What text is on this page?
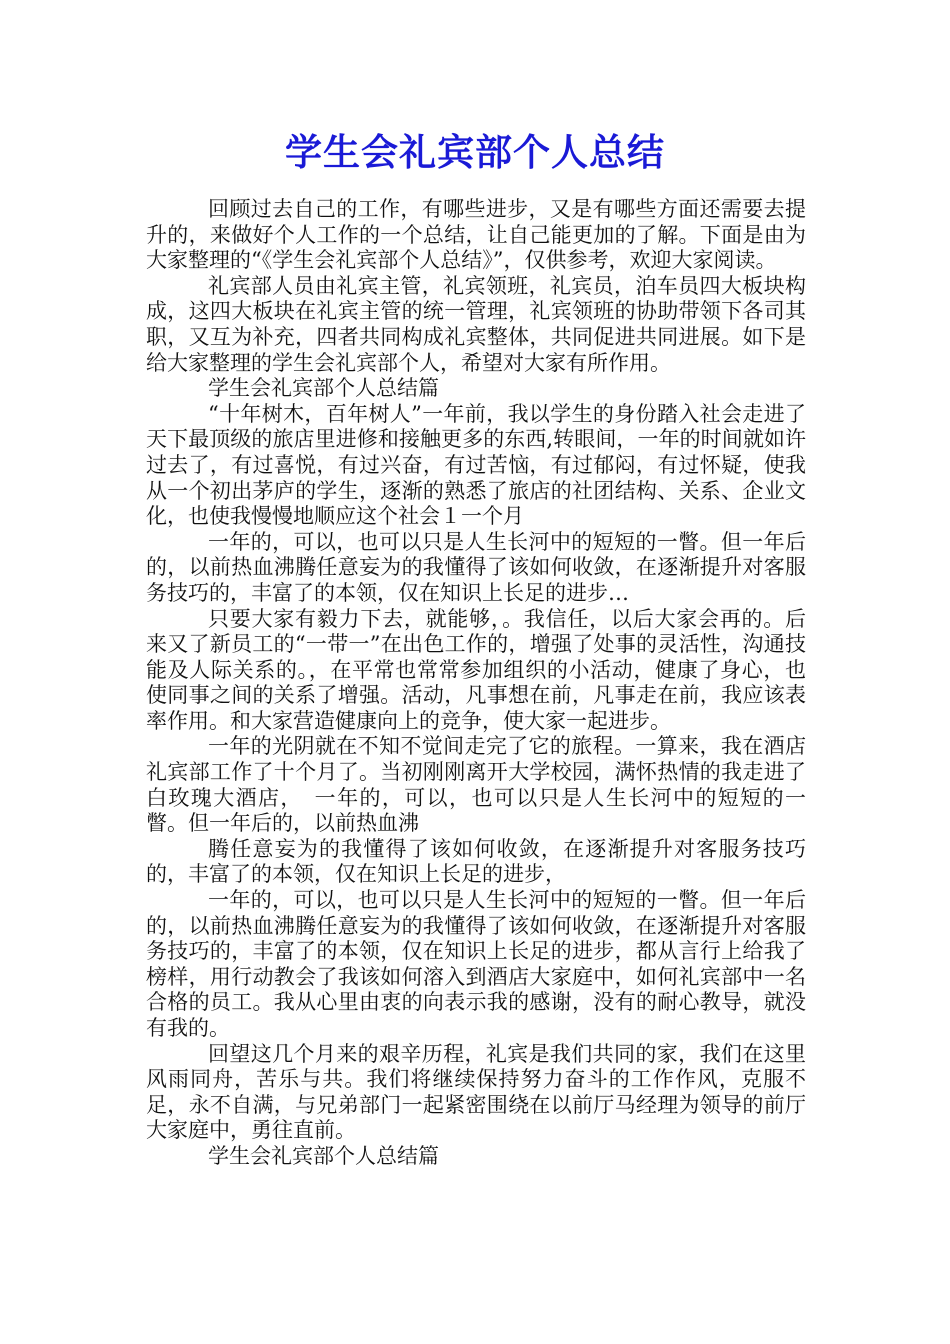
学生会礼宾部个人总结

回顾过去自己的工作，有哪些进步，又是有哪些方面还需要去提升的，来做好个人工作的一个总结，让自己能更加的了解。下面是由为大家整理的“《学生会礼宾部个人总结》”，仅供参考，欢迎大家阅读。

礼宾部人员由礼宾主管，礼宾领班，礼宾员，泊车员四大板块构成，这四大板块在礼宾主管的统一管理，礼宾领班的协助带领下各司其职，又互为补充，四者共同构成礼宾整体，共同促进共同进展。如下是给大家整理的学生会礼宾部个人，希望对大家有所作用。

学生会礼宾部个人总结篇

“十年树木，百年树人”一年前，我以学生的身份踏入社会走进了天下最顶级的旅店里进修和接触更多的东西,转眼间，一年的时间就如许过去了，有过喜悦，有过兴奋，有过苦恼，有过郁闷，有过怀疑，使我从一个初出茅庐的学生，逐渐的熟悉了旅店的社团结构、关系、企业文化，也使我慢慢地顺应这个社会１一个月

一年的，可以，也可以只是人生长河中的短短的一瞥。但一年后的，以前热血沸腾任意妄为的我懂得了该如何收敛，在逐渐提升对客服务技巧的，丰富了的本领，仅在知识上长足的进步…

只要大家有毅力下去，就能够，。我信任，以后大家会再的。后来又了新员工的“一带一”在出色工作的，增强了处事的灵活性，沟通技能及人际关系的。，在平常也常常参加组织的小活动，健康了身心，也使同事之间的关系了增强。活动，凡事想在前，凡事走在前，我应该表率作用。和大家营造健康向上的竞争，使大家一起进步。

一年的光阴就在不知不觉间走完了它的旅程。一算来，我在酒店礼宾部工作了十个月了。当初刚刚离开大学校园，满怀热情的我走进了白玫瑰大酒店，　一年的，可以，也可以只是人生长河中的短短的一瞥。但一年后的，以前热血沸

腾任意妄为的我懂得了该如何收敛，在逐渐提升对客服务技巧的，丰富了的本领，仅在知识上长足的进步，

一年的，可以，也可以只是人生长河中的短短的一瞥。但一年后的，以前热血沸腾任意妄为的我懂得了该如何收敛，在逐渐提升对客服务技巧的，丰富了的本领，仅在知识上长足的进步，都从言行上给我了榜样，用行动教会了我该如何溶入到酒店大家庭中，如何礼宾部中一名合格的员工。我从心里由衷的向表示我的感谢，没有的耐心教导，就没有我的。

回望这几个月来的艰辛历程，礼宾是我们共同的家，我们在这里风雨同舟，苦乐与共。我们将继续保持努力奋斗的工作作风，克服不足，永不自满，与兄弟部门一起紧密围绕在以前厅马经理为领导的前厅大家庭中，勇往直前。

学生会礼宾部个人总结篇
